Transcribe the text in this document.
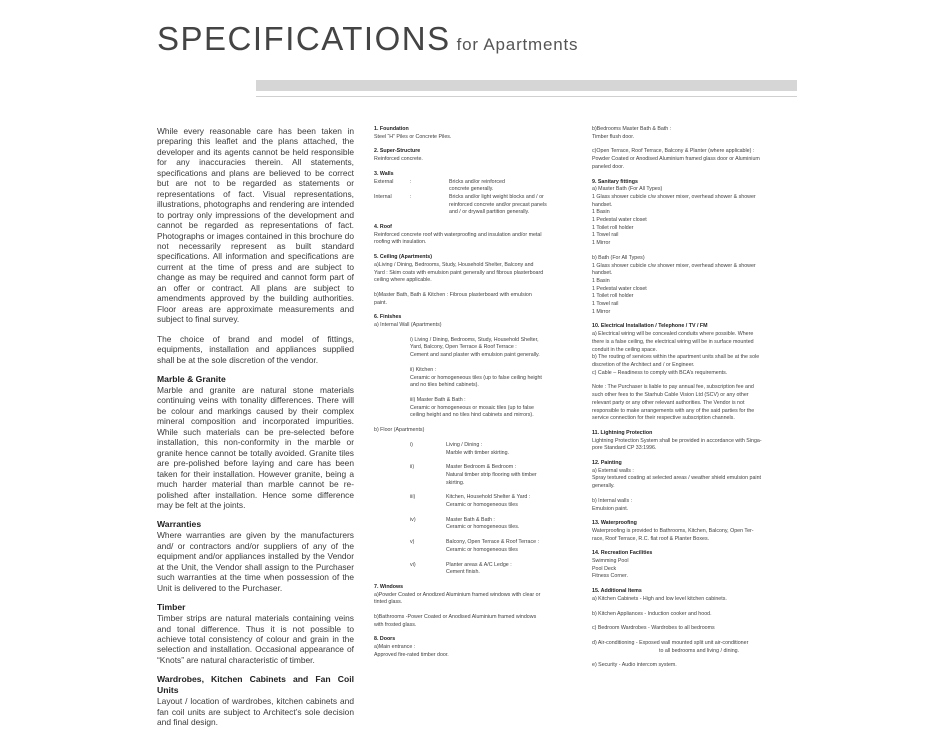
SPECIFICATIONS for Apartments

While every reasonable care has been taken in preparing this leaflet and the plans attached, the developer and its agents cannot be held responsible for any inaccuracies therein. All statements, specifications and plans are believed to be correct but are not to be regarded as statements or representations of fact. Visual representations, illustrations, photographs and rendering are intended to portray only impressions of the development and cannot be regarded as representations of fact. Photographs or images contained in this brochure do not necessarily represent as built standard specifications. All information and specifications are current at the time of press and are subject to change as may be required and cannot form part of an offer or contract. All plans are subject to amendments approved by the building authorities. Floor areas are approximate measurements and subject to final survey.

The choice of brand and model of fittings, equipments, installation and appliances supplied shall be at the sole discretion of the vendor.

Marble & Granite
Marble and granite are natural stone materials continuing veins with tonality differences. There will be colour and markings caused by their complex mineral composition and incorporated impurities. While such materials can be pre-selected before installation, this non-conformity in the marble or granite hence cannot be totally avoided. Granite tiles are pre-polished before laying and care has been taken for their installation. However granite, being a much harder material than marble cannot be re-polished after installation. Hence some difference may be felt at the joints.
Warranties
Where warranties are given by the manufacturers and/ or contractors and/or suppliers of any of the equipment and/or appliances installed by the Vendor at the Unit, the Vendor shall assign to the Purchaser such warranties at the time when possession of the Unit is delivered to the Purchaser.
Timber
Timber strips are natural materials containing veins and tonal difference. Thus it is not possible to achieve total consistency of colour and grain in the selection and installation. Occasional appearance of “Knots” are natural characteristic of timber.
Wardrobes, Kitchen Cabinets and Fan Coil Units
Layout / location of wardrobes, kitchen cabinets and fan coil units are subject to Architect’s sole decision and final design.
1. Foundation
Steel “H” Piles or Concrete Piles.
2. Super-Structure
Reinforced concrete.
3. Walls
External	:	Bricks and/or reinforced
concrete generally.
Internal	:	Bricks and/or light weight blocks and / or
reinforced concrete and/or precast panels
and / or drywall partition generally.
4. Roof
Reinforced concrete roof with waterproofing and insulation and/or metal
roofing with insulation.
5. Ceiling (Apartments)
a)Living / Dining, Bedrooms, Study, Household Shelter, Balcony and
Yard : Skim coats with emulsion paint generally and fibrous plasterboard
ceiling where applicable.
b)Master Bath, Bath & Kitchen : Fibrous plasterboard with emulsion
paint.
6. Finishes
a) Internal Wall (Apartments)
i) Living / Dining, Bedrooms, Study, Household Shelter,
Yard, Balcony, Open Terrace & Roof Terrace :
Cement and sand plaster with emulsion paint generally.
ii) Kitchen :
Ceramic or homogeneous tiles (up to false ceiling height
and no tiles behind cabinets).
iii) Master Bath & Bath :
Ceramic or homogeneous or mosaic tiles (up to false
ceiling height and no tiles hind cabinets and mirrors).
b) Floor (Apartments)
i)	Living / Dining :
Marble with timber skirting.
ii)	Master Bedroom & Bedroom :
Natural timber strip flooring with timber
skirting.
iii)	Kitchen, Household Shelter & Yard :
Ceramic or homogeneous tiles
iv)	Master Bath & Bath :
Ceramic or homogeneous tiles.
v)	Balcony, Open Terrace & Roof Terrace :
Ceramic or homogeneous tiles
vi)	Planter areas & A/C Ledge :
Cement finish.
7. Windows
a)Powder Coated or Anodized Aluminium framed windows with clear or
tinted glass.
b)Bathrooms -Power Coated or Anodised Aluminium framed windows
with frosted glass.
8. Doors
a)Main entrance :
Approved fire-rated timber door.
b)Bedrooms Master Bath & Bath :
Timber flush door.
c)Open Terrace, Roof Terrace, Balcony & Planter (where applicable) :
Powder Coated or Anodised Aluminium framed glass door or Aluminium
paneled door.
9. Sanitary fittings
a) Master Bath (For All Types)
1 Glass shower cubicle c/w shower mixer, overhead shower & shower
handset.
1 Basin
1 Pedestal water closet
1 Toilet roll holder
1 Towel rail
1 Mirror
b) Bath (For All Types)
1 Glass shower cubicle c/w shower mixer, overhead shower & shower
handset.
1 Basin
1 Pedestal water closet
1 Toilet roll holder
1 Towel rail
1 Mirror
10. Electrical Installation / Telephone / TV / FM
a) Electrical wiring will be concealed conduits where possible. Where
there is a false ceiling, the electrical wiring will be in surface mounted
conduit in the ceiling space.
b) The routing of services within the apartment units shall be at the sole
discretion of the Architect and / or Engineer.
c) Cable – Readiness to comply with BCA’s requirements.
Note : The Purchaser is liable to pay annual fee, subscription fee and
such other fees to the Starhub Cable Vision Ltd (SCV) or any other
relevant party or any other relevant authorities. The Vendor is not
responsible to make arrangements with any of the said parties for the
service connection for their respective subscription channels.
11. Lightning Protection
Lightning Protection System shall be provided in accordance with Singa-
pore Standard CP 33:1996.
12. Painting
a) External walls :
Spray textured coating at selected areas / weather shield emulsion paint
generally.
b) Internal walls :
Emulsion paint.
13. Waterproofing
Waterproofing is provided to Bathrooms, Kitchen, Balcony, Open Ter-
race, Roof Terrace, R.C. flat roof & Planter Boxes.
14. Recreation Facilities
Swimming Pool
Pool Deck
Fitness Corner.
15. Additional Items
a) Kitchen Cabinets - High and low level kitchen cabinets.
b) Kitchen Appliances - Induction cooker and hood.
c) Bedroom Wardrobes - Wardrobes to all bedrooms
d) Air-conditioning - Exposed wall mounted split unit air-conditioner
to all bedrooms and living / dining.
e) Security - Audio intercom system.
